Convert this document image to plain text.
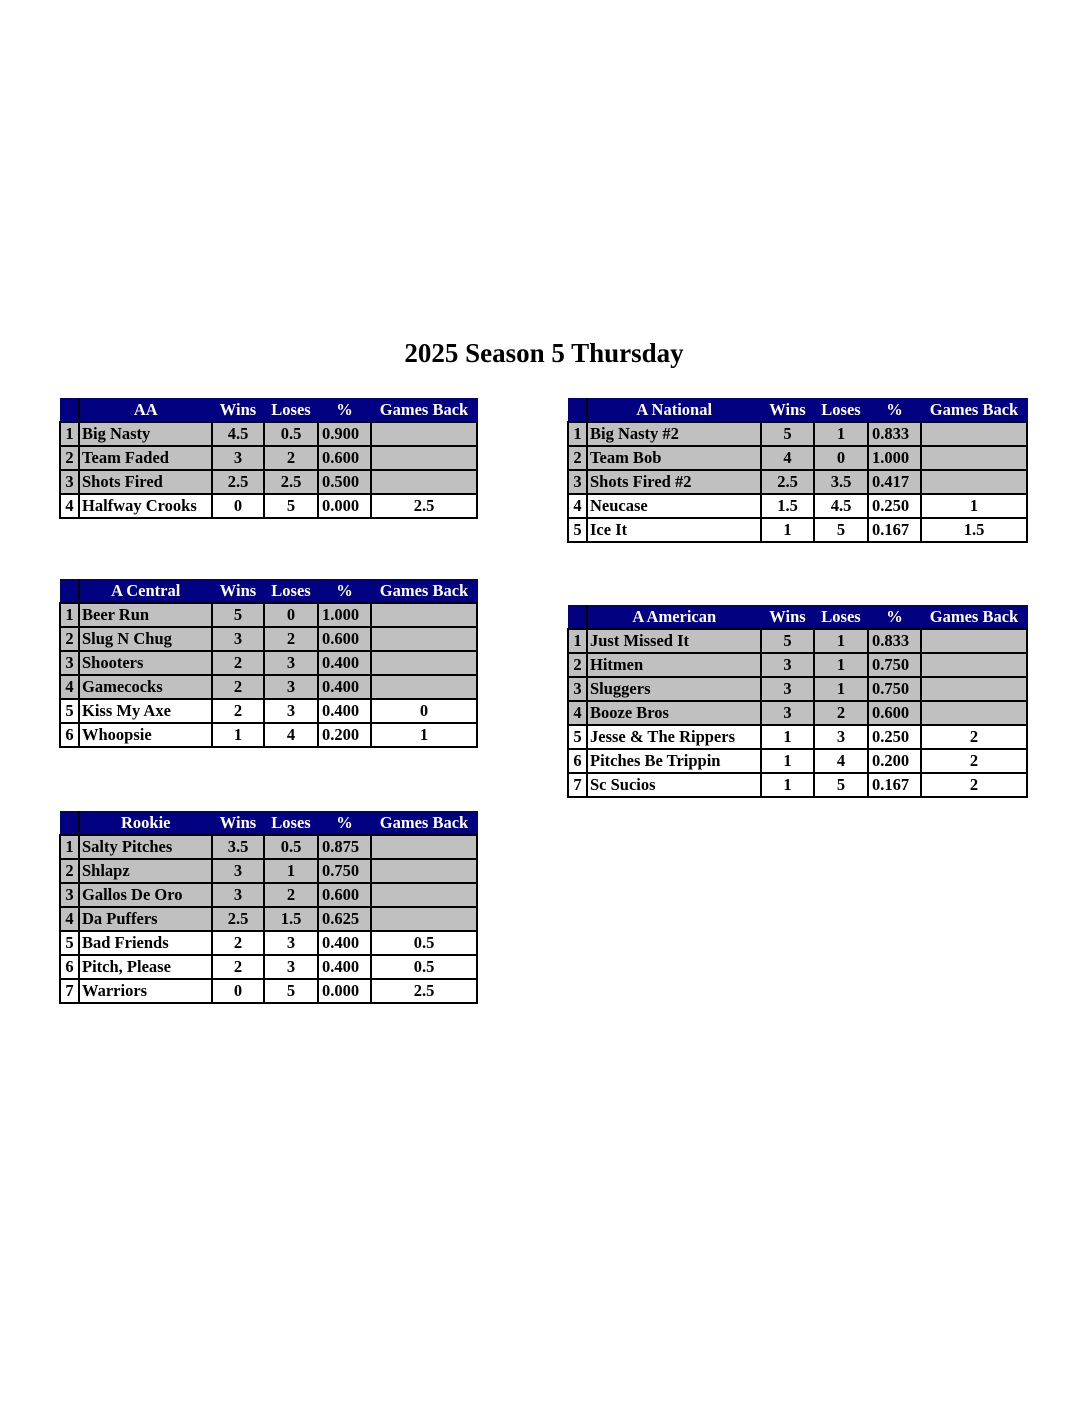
2025 Season 5 Thursday
	AA	Wins	Loses	%	Games Back
1	Big Nasty	4.5	0.5	0.900	
2	Team Faded	3	2	0.600	
3	Shots Fired	2.5	2.5	0.500	
4	Halfway Crooks	0	5	0.000	2.5
	A Central	Wins	Loses	%	Games Back
1	Beer Run	5	0	1.000	
2	Slug N Chug	3	2	0.600	
3	Shooters	2	3	0.400	
4	Gamecocks	2	3	0.400	
5	Kiss My Axe	2	3	0.400	0
6	Whoopsie	1	4	0.200	1
	Rookie	Wins	Loses	%	Games Back
1	Salty Pitches	3.5	0.5	0.875	
2	Shlapz	3	1	0.750	
3	Gallos De Oro	3	2	0.600	
4	Da Puffers	2.5	1.5	0.625	
5	Bad Friends	2	3	0.400	0.5
6	Pitch, Please	2	3	0.400	0.5
7	Warriors	0	5	0.000	2.5
	A National	Wins	Loses	%	Games Back
1	Big Nasty #2	5	1	0.833	
2	Team Bob	4	0	1.000	
3	Shots Fired #2	2.5	3.5	0.417	
4	Neucase	1.5	4.5	0.250	1
5	Ice It	1	5	0.167	1.5
	A American	Wins	Loses	%	Games Back
1	Just Missed It	5	1	0.833	
2	Hitmen	3	1	0.750	
3	Sluggers	3	1	0.750	
4	Booze Bros	3	2	0.600	
5	Jesse & The Rippers	1	3	0.250	2
6	Pitches Be Trippin	1	4	0.200	2
7	Sc Sucios	1	5	0.167	2
